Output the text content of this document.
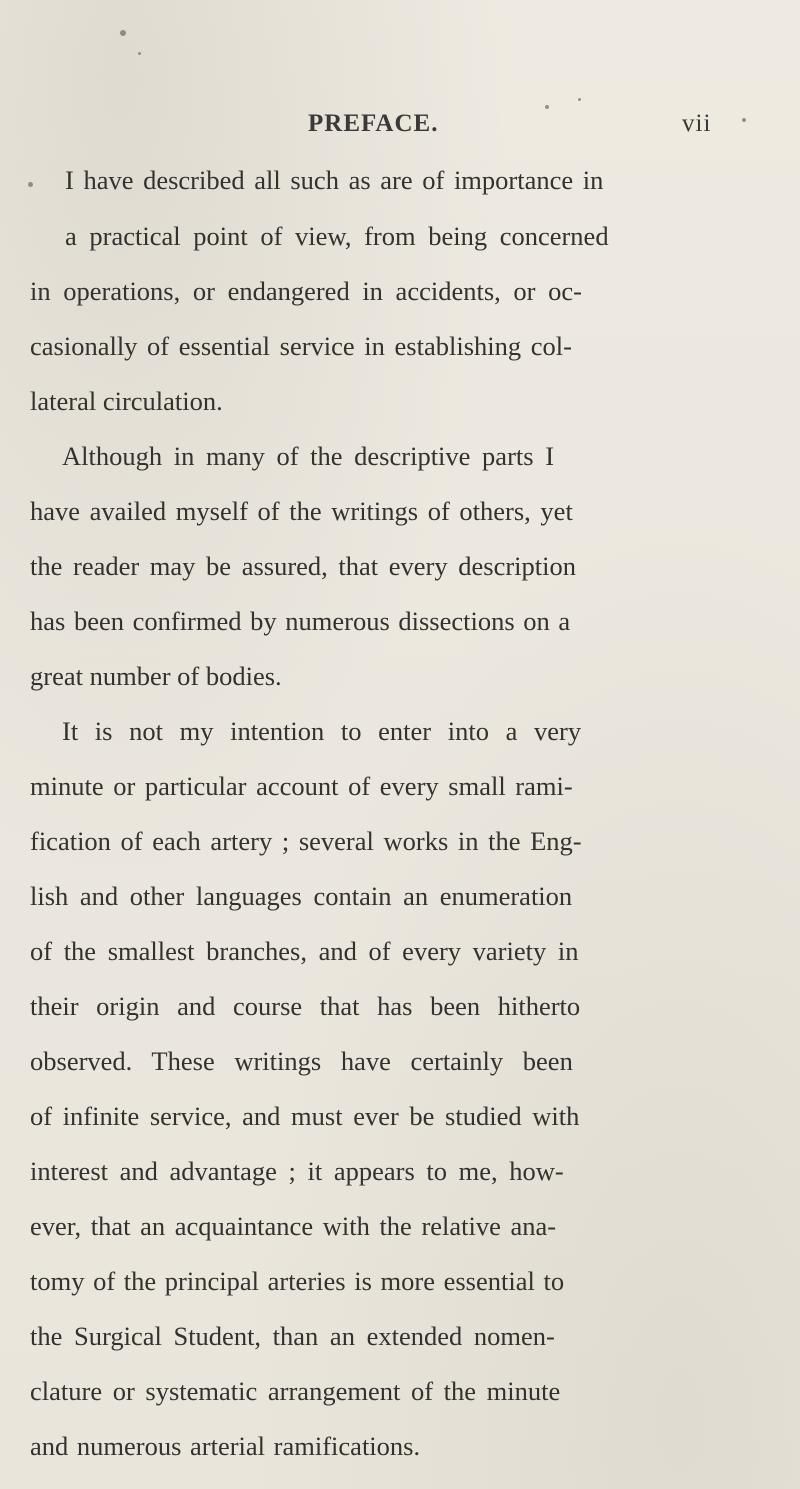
PREFACE.	vii
I have described all such as are of importance in
a practical point of view, from being concerned
in operations, or endangered in accidents, or oc-
casionally of essential service in establishing col-
lateral circulation.
Although in many of the descriptive parts I
have availed myself of the writings of others, yet
the reader may be assured, that every description
has been confirmed by numerous dissections on a
great number of bodies.
It is not my intention to enter into a very
minute or particular account of every small rami-
fication of each artery ; several works in the Eng-
lish and other languages contain an enumeration
of the smallest branches, and of every variety in
their origin and course that has been hitherto
observed. These writings have certainly been
of infinite service, and must ever be studied with
interest and advantage ; it appears to me, how-
ever, that an acquaintance with the relative ana-
tomy of the principal arteries is more essential to
the Surgical Student, than an extended nomen-
clature or systematic arrangement of the minute
and numerous arterial ramifications.
